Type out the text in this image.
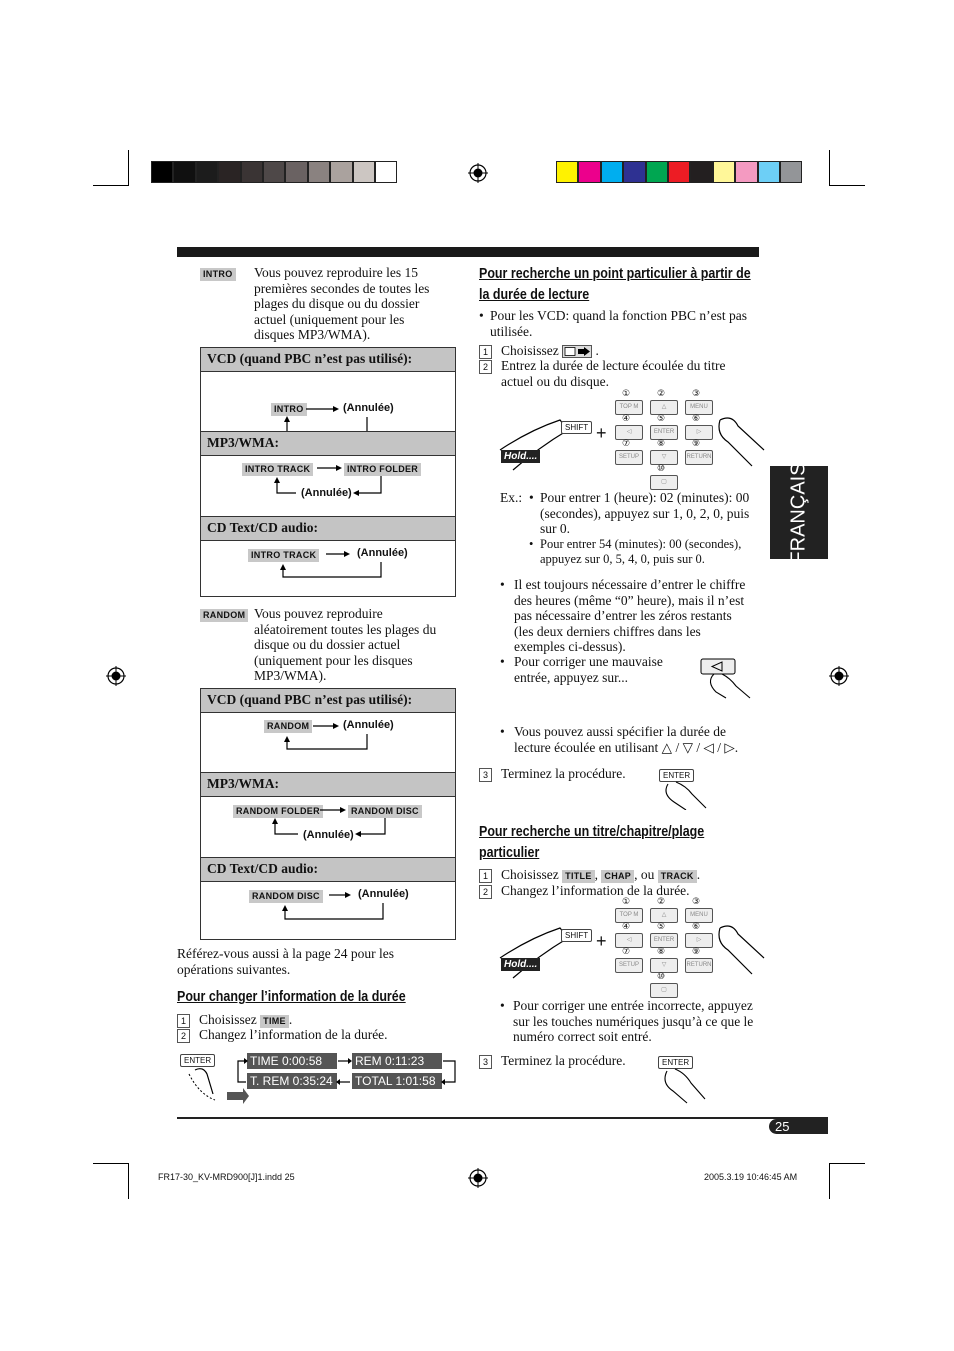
INTRO Vous pouvez reproduire les 15 premières secondes de toutes les plages du disque ou du dossier actuel (uniquement pour les disques MP3/WMA).
VCD (quand PBC n’est pas utilisé):
INTRO	(Annulée)
MP3/WMA:
INTRO TRACK	INTRO FOLDER
(Annulée)
CD Text/CD audio:
INTRO TRACK	(Annulée)
RANDOM Vous pouvez reproduire aléatoirement toutes les plages du disque ou du dossier actuel (uniquement pour les disques MP3/WMA).
VCD (quand PBC n’est pas utilisé):
RANDOM	(Annulée)
MP3/WMA:
RANDOM FOLDER	RANDOM DISC
(Annulée)
CD Text/CD audio:
RANDOM DISC	(Annulée)
Référez-vous aussi à la page 24 pour les opérations suivantes.
Pour changer l’information de la durée
1 Choisissez TIME .
2 Changez l’information de la durée.
ENTER	TIME 0:00:58	REM 0:11:23
T. REM 0:35:24	TOTAL 1:01:58
Pour recherche un point particulier à partir de la durée de lecture
• Pour les VCD: quand la fonction PBC n’est pas utilisée.
1 Choisissez  .
2 Entrez la durée de lecture écoulée du titre actuel ou du disque.
SHIFT +
Hold....
①
TOP M
②
△
③
MENU
④
◁
⑤
ENTER
⑥
▷
⑦
SETUP
⑧
▽
⑨
RETURN
⑩
▢
Ex.: • Pour entrer 1 (heure): 02 (minutes): 00 (secondes), appuyez sur 1, 0, 2, 0, puis sur 0.
• Pour entrer 54 (minutes): 00 (secondes), appuyez sur 0, 5, 4, 0, puis sur 0.
• Il est toujours nécessaire d’entrer le chiffre des heures (même “0” heure), mais il n’est pas nécessaire d’entrer les zéros restants (les deux derniers chiffres dans les exemples ci-dessus).
• Pour corriger une mauvaise entrée, appuyez sur...
• Vous pouvez aussi spécifier la durée de lecture écoulée en utilisant △ / ▽ / ◁ / ▷.
3 Terminez la procédure.	ENTER
Pour recherche un titre/chapitre/plage particulier
1 Choisissez TITLE , CHAP , ou TRACK .
2 Changez l’information de la durée.
SHIFT +
Hold....
①
TOP M
②
△
③
MENU
④
◁
⑤
ENTER
⑥
▷
⑦
SETUP
⑧
▽
⑨
RETURN
⑩
▢
• Pour corriger une entrée incorrecte, appuyez sur les touches numériques jusqu’à ce que le numéro correct soit entré.
3 Terminez la procédure.	ENTER
FRANÇAIS
25
FR17-30_KV-MRD900[J]1.indd 25	2005.3.19 10:46:45 AM
